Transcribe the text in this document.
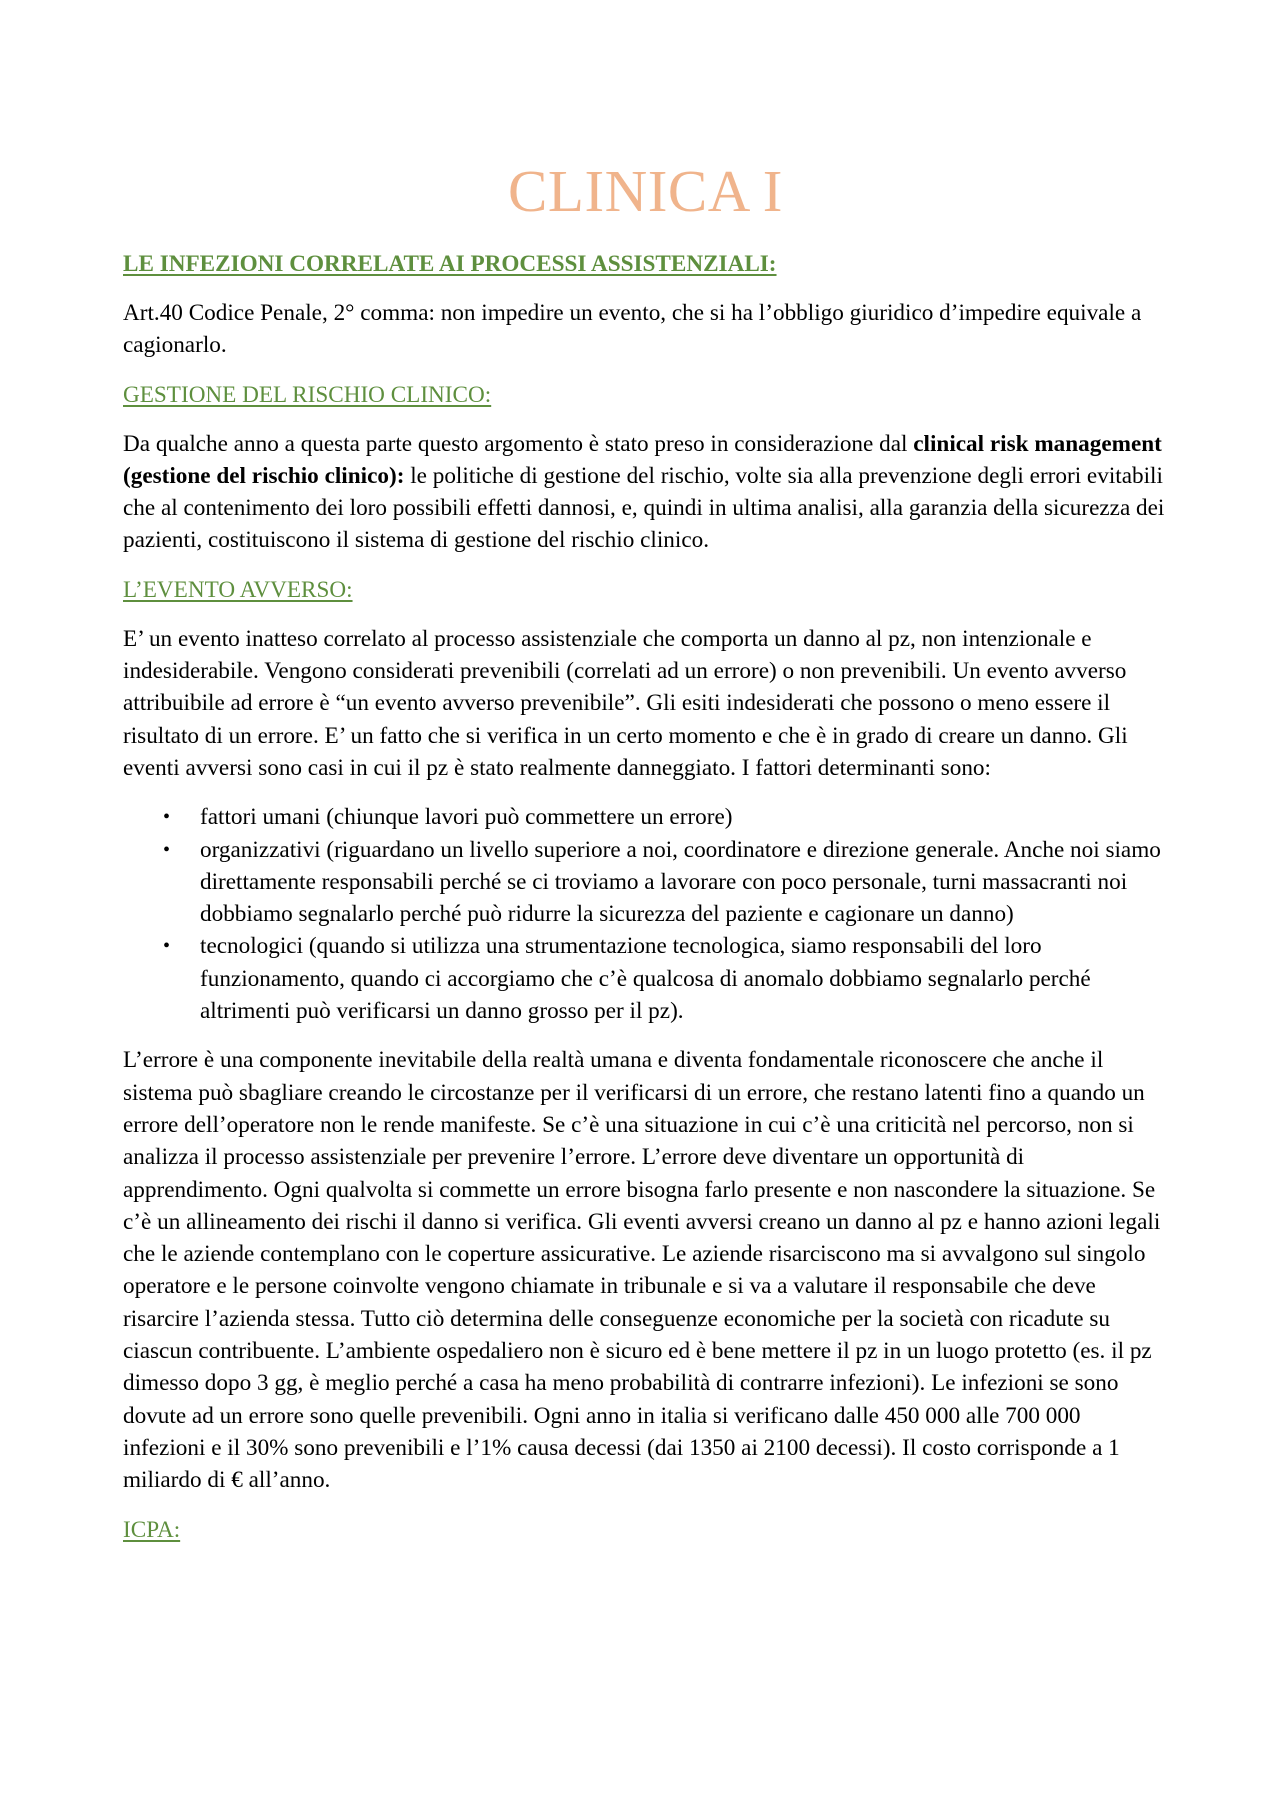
CLINICA I
LE INFEZIONI CORRELATE AI PROCESSI ASSISTENZIALI:

Art.40 Codice Penale, 2° comma: non impedire un evento, che si ha l’obbligo giuridico d’impedire equivale a cagionarlo.

GESTIONE DEL RISCHIO CLINICO:

Da qualche anno a questa parte questo argomento è stato preso in considerazione dal clinical risk management (gestione del rischio clinico): le politiche di gestione del rischio, volte sia alla prevenzione degli errori evitabili che al contenimento dei loro possibili effetti dannosi, e, quindi in ultima analisi, alla garanzia della sicurezza dei pazienti, costituiscono il sistema di gestione del rischio clinico.

L’EVENTO AVVERSO:

E’ un evento inatteso correlato al processo assistenziale che comporta un danno al pz, non intenzionale e indesiderabile. Vengono considerati prevenibili (correlati ad un errore) o non prevenibili. Un evento avverso attribuibile ad errore è “un evento avverso prevenibile”. Gli esiti indesiderati che possono o meno essere il risultato di un errore. E’ un fatto che si verifica in un certo momento e che è in grado di creare un danno. Gli eventi avversi sono casi in cui il pz è stato realmente danneggiato. I fattori determinanti sono:

• fattori umani (chiunque lavori può commettere un errore)
• organizzativi (riguardano un livello superiore a noi, coordinatore e direzione generale. Anche noi siamo direttamente responsabili perché se ci troviamo a lavorare con poco personale, turni massacranti noi dobbiamo segnalarlo perché può ridurre la sicurezza del paziente e cagionare un danno)
• tecnologici (quando si utilizza una strumentazione tecnologica, siamo responsabili del loro funzionamento, quando ci accorgiamo che c’è qualcosa di anomalo dobbiamo segnalarlo perché altrimenti può verificarsi un danno grosso per il pz).

L’errore è una componente inevitabile della realtà umana e diventa fondamentale riconoscere che anche il sistema può sbagliare creando le circostanze per il verificarsi di un errore, che restano latenti fino a quando un errore dell’operatore non le rende manifeste. Se c’è una situazione in cui c’è una criticità nel percorso, non si analizza il processo assistenziale per prevenire l’errore. L’errore deve diventare un opportunità di apprendimento. Ogni qualvolta si commette un errore bisogna farlo presente e non nascondere la situazione. Se c’è un allineamento dei rischi il danno si verifica. Gli eventi avversi creano un danno al pz e hanno azioni legali che le aziende contemplano con le coperture assicurative. Le aziende risarciscono ma si avvalgono sul singolo operatore e le persone coinvolte vengono chiamate in tribunale e si va a valutare il responsabile che deve risarcire l’azienda stessa. Tutto ciò determina delle conseguenze economiche per la società con ricadute su ciascun contribuente. L’ambiente ospedaliero non è sicuro ed è bene mettere il pz in un luogo protetto (es. il pz dimesso dopo 3 gg, è meglio perché a casa ha meno probabilità di contrarre infezioni). Le infezioni se sono dovute ad un errore sono quelle prevenibili. Ogni anno in italia si verificano dalle 450 000 alle 700 000 infezioni e il 30% sono prevenibili e l’1% causa decessi (dai 1350 ai 2100 decessi). Il costo corrisponde a 1 miliardo di € all’anno.

ICPA:
